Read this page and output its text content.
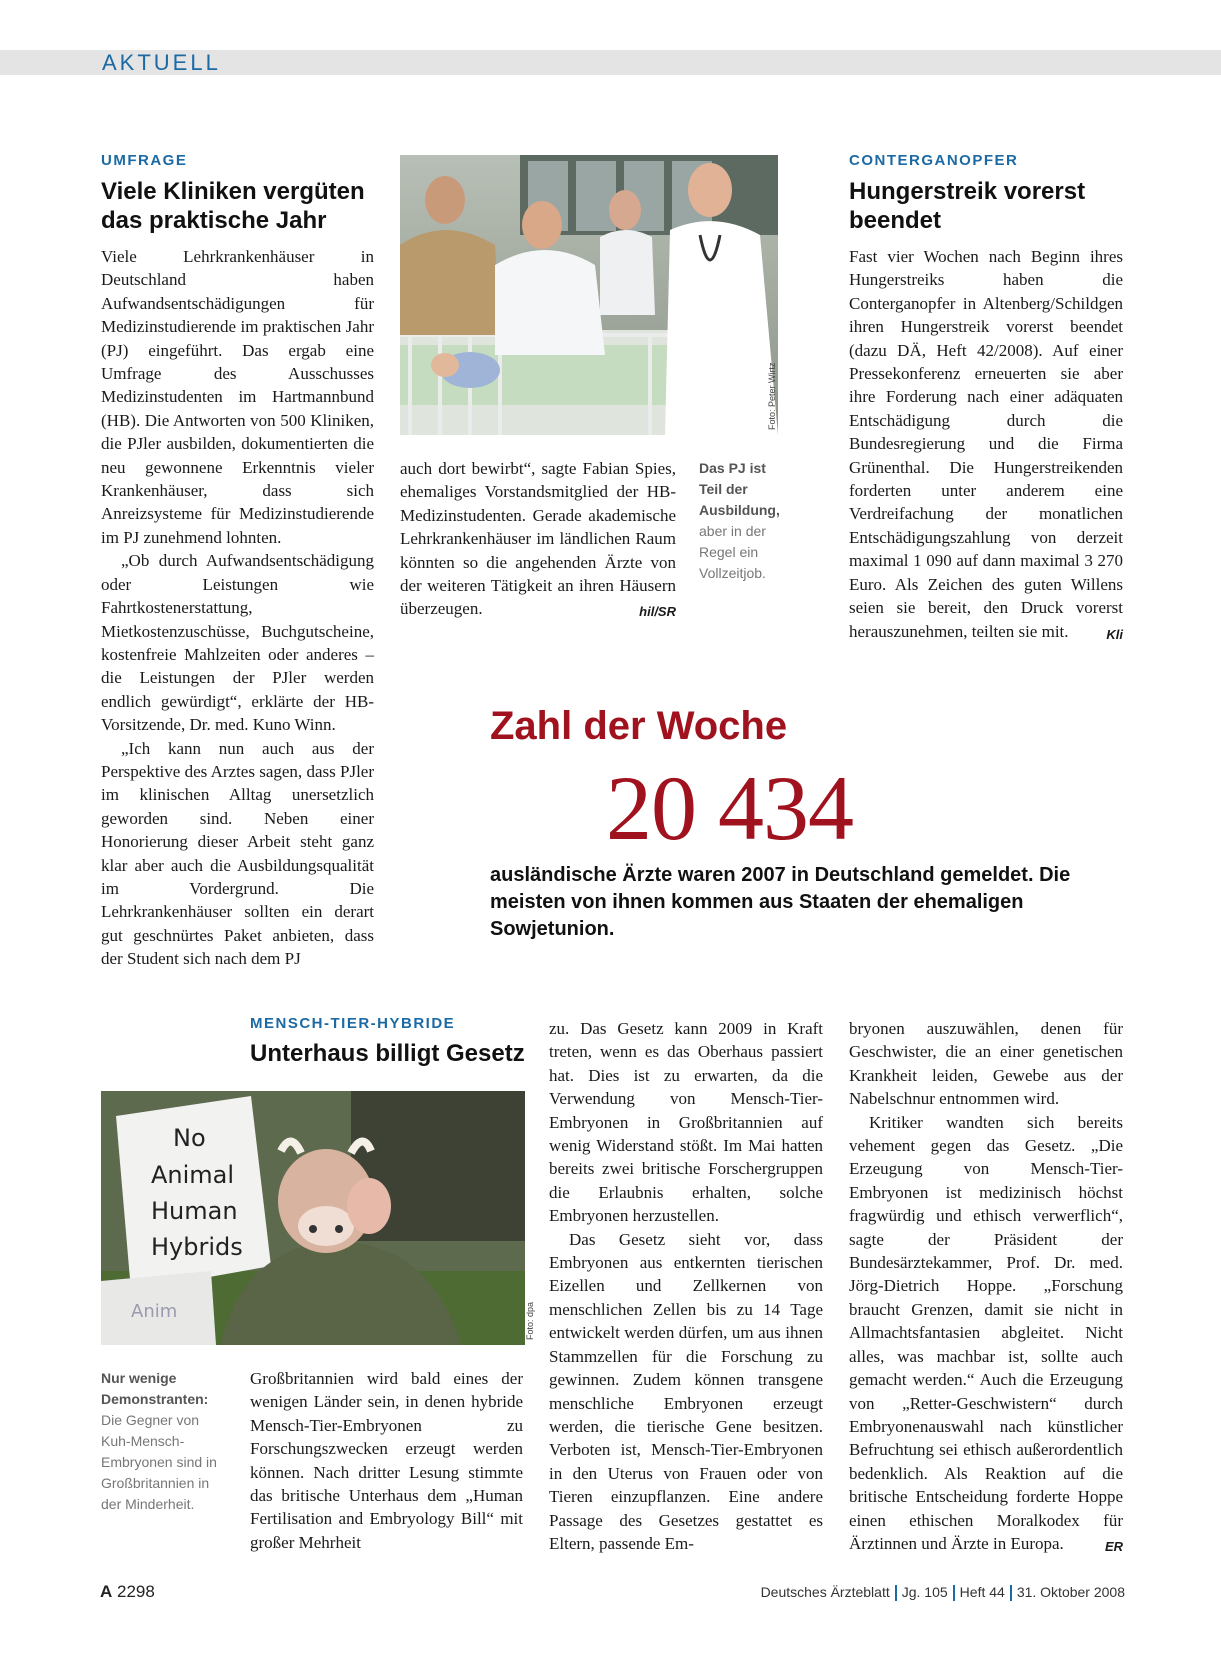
AKTUELL
UMFRAGE
Viele Kliniken vergüten das praktische Jahr

Viele Lehrkrankenhäuser in Deutschland haben Aufwandsentschädigungen für Medizinstudierende im praktischen Jahr (PJ) eingeführt. Das ergab eine Umfrage des Ausschusses Medizinstudenten im Hartmannbund (HB). Die Antworten von 500 Kliniken, die PJler ausbilden, dokumentierten die neu gewonnene Erkenntnis vieler Krankenhäuser, dass sich Anreizsysteme für Medizinstudierende im PJ zunehmend lohnten.

„Ob durch Aufwandsentschädigung oder Leistungen wie Fahrtkostenerstattung, Mietkostenzuschüsse, Buchgutscheine, kostenfreie Mahlzeiten oder anderes – die Leistungen der PJler werden endlich gewürdigt“, erklärte der HB-Vorsitzende, Dr. med. Kuno Winn.

„Ich kann nun auch aus der Perspektive des Arztes sagen, dass PJler im klinischen Alltag unersetzlich geworden sind. Neben einer Honorierung dieser Arbeit steht ganz klar aber auch die Ausbildungsqualität im Vordergrund. Die Lehrkrankenhäuser sollten ein derart gut geschnürtes Paket anbieten, dass der Student sich nach dem PJ

Foto: Peter Wirtz

auch dort bewirbt“, sagte Fabian Spies, ehemaliges Vorstandsmitglied der HB-Medizinstudenten. Gerade akademische Lehrkrankenhäuser im ländlichen Raum könnten so die angehenden Ärzte von der weiteren Tätigkeit an ihren Häusern überzeugen.	hil/SR

Das PJ ist Teil der Ausbildung, aber in der Regel ein Vollzeitjob.
CONTERGANOPFER
Hungerstreik vorerst beendet

Fast vier Wochen nach Beginn ihres Hungerstreiks haben die Conterganopfer in Altenberg/Schildgen ihren Hungerstreik vorerst beendet (dazu DÄ, Heft 42/2008). Auf einer Pressekonferenz erneuerten sie aber ihre Forderung nach einer adäquaten Entschädigung durch die Bundesregierung und die Firma Grünenthal. Die Hungerstreikenden forderten unter anderem eine Verdreifachung der monatlichen Entschädigungszahlung von derzeit maximal 1 090 auf dann maximal 3 270 Euro. Als Zeichen des guten Willens seien sie bereit, den Druck vorerst herauszunehmen, teilten sie mit.	Kli

Zahl der Woche
20 434
ausländische Ärzte waren 2007 in Deutschland gemeldet. Die meisten von ihnen kommen aus Staaten der ehemaligen Sowjetunion.
MENSCH-TIER-HYBRIDE
Unterhaus billigt Gesetz
No
Animal
Human
Hybrids
Anim	Foto: dpa
Nur wenige Demonstranten: Die Gegner von Kuh-Mensch-Embryonen sind in Großbritannien in der Minderheit.

Großbritannien wird bald eines der wenigen Länder sein, in denen hybride Mensch-Tier-Embryonen zu Forschungszwecken erzeugt werden können. Nach dritter Lesung stimmte das britische Unterhaus dem „Human Fertilisation and Embryology Bill“ mit großer Mehrheit

zu. Das Gesetz kann 2009 in Kraft treten, wenn es das Oberhaus passiert hat. Dies ist zu erwarten, da die Verwendung von Mensch-Tier-Embryonen in Großbritannien auf wenig Widerstand stößt. Im Mai hatten bereits zwei britische Forschergruppen die Erlaubnis erhalten, solche Embryonen herzustellen.

Das Gesetz sieht vor, dass Embryonen aus entkernten tierischen Eizellen und Zellkernen von menschlichen Zellen bis zu 14 Tage entwickelt werden dürfen, um aus ihnen Stammzellen für die Forschung zu gewinnen. Zudem können transgene menschliche Embryonen erzeugt werden, die tierische Gene besitzen. Verboten ist, Mensch-Tier-Embryonen in den Uterus von Frauen oder von Tieren einzupflanzen. Eine andere Passage des Gesetzes gestattet es Eltern, passende Em-

bryonen auszuwählen, denen für Geschwister, die an einer genetischen Krankheit leiden, Gewebe aus der Nabelschnur entnommen wird.

Kritiker wandten sich bereits vehement gegen das Gesetz. „Die Erzeugung von Mensch-Tier-Embryonen ist medizinisch höchst fragwürdig und ethisch verwerflich“, sagte der Präsident der Bundesärztekammer, Prof. Dr. med. Jörg-Dietrich Hoppe. „Forschung braucht Grenzen, damit sie nicht in Allmachtsfantasien abgleitet. Nicht alles, was machbar ist, sollte auch gemacht werden.“ Auch die Erzeugung von „Retter-Geschwistern“ durch Embryonenauswahl nach künstlicher Befruchtung sei ethisch außerordentlich bedenklich. Als Reaktion auf die britische Entscheidung forderte Hoppe einen ethischen Moralkodex für Ärztinnen und Ärzte in Europa.	ER

A 2298	Deutsches Ärzteblatt Jg. 105 Heft 44 31. Oktober 2008
